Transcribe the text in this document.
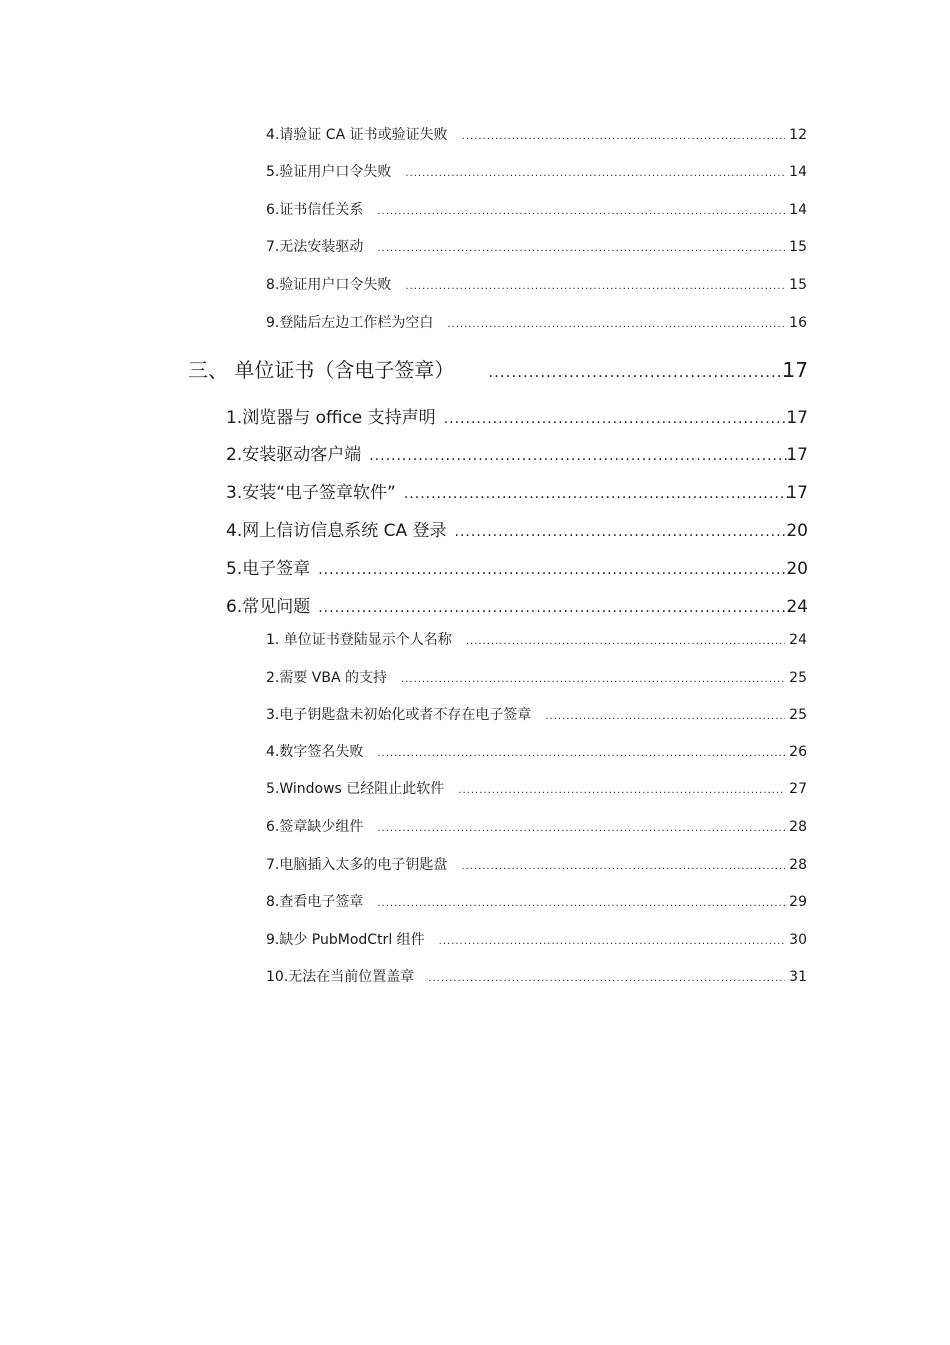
4.请验证 CA 证书或验证失败 .....	12
5.验证用户口令失败 .....	14
6.证书信任关系 .....	14
7.无法安装驱动 .....	15
8.验证用户口令失败 .....	15
9.登陆后左边工作栏为空白 .....	16
三、 单位证书（含电子签章） .....	17
1.浏览器与 office 支持声明 .....	17
2.安装驱动客户端 .....	17
3.安装“电子签章软件” .....	17
4.网上信访信息系统 CA 登录 .....	20
5.电子签章 .....	20
6.常见问题 .....	24
1. 单位证书登陆显示个人名称 .....	24
2.需要 VBA 的支持 .....	25
3.电子钥匙盘未初始化或者不存在电子签章 .....	25
4.数字签名失败 .....	26
5.Windows 已经阻止此软件 .....	27
6.签章缺少组件 .....	28
7.电脑插入太多的电子钥匙盘 .....	28
8.查看电子签章 .....	29
9.缺少 PubModCtrl 组件 .....	30
10.无法在当前位置盖章 .....	31
